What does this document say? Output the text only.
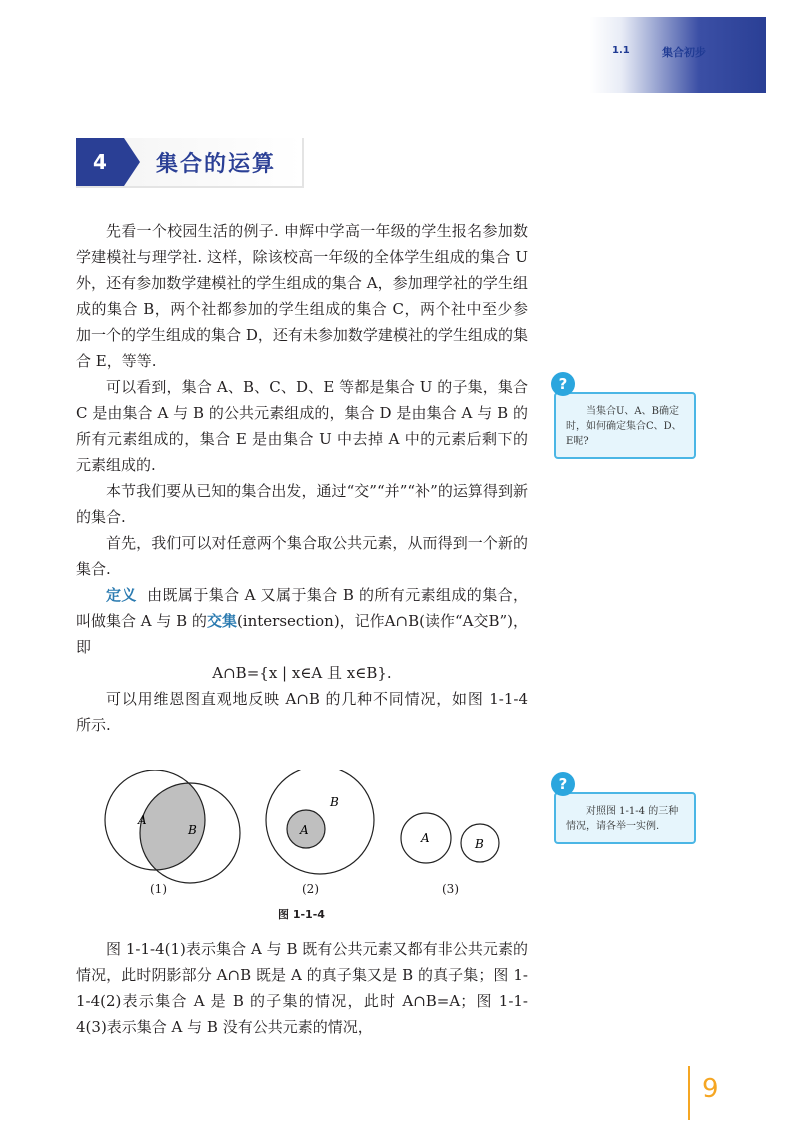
1.1	集合初步
4	集合的运算

先看一个校园生活的例子. 申辉中学高一年级的学生报名参加数学建模社与理学社. 这样，除该校高一年级的全体学生组成的集合 U 外，还有参加数学建模社的学生组成的集合 A，参加理学社的学生组成的集合 B，两个社都参加的学生组成的集合 C，两个社中至少参加一个的学生组成的集合 D，还有未参加数学建模社的学生组成的集合 E，等等.

可以看到，集合 A、B、C、D、E 等都是集合 U 的子集，集合 C 是由集合 A 与 B 的公共元素组成的，集合 D 是由集合 A 与 B 的所有元素组成的，集合 E 是由集合 U 中去掉 A 中的元素后剩下的元素组成的.

本节我们要从已知的集合出发，通过“交”“并”“补”的运算得到新的集合.

首先，我们可以对任意两个集合取公共元素，从而得到一个新的集合.

定义 由既属于集合 A 又属于集合 B 的所有元素组成的集合，叫做集合 A 与 B 的交集(intersection)，记作A∩B(读作“A交B”)，即

A∩B={x | x∈A 且 x∈B}.

可以用维恩图直观地反映 A∩B 的几种不同情况，如图 1-1-4 所示.

?

当集合U、A、B确定时，如何确定集合C、D、E呢?

?

对照图 1-1-4 的三种情况，请各举一实例.

A
B	A
B
A	B
(1)	(2)	(3)
图 1-1-4

图 1-1-4(1)表示集合 A 与 B 既有公共元素又都有非公共元素的情况，此时阴影部分 A∩B 既是 A 的真子集又是 B 的真子集；图 1-1-4(2)表示集合 A 是 B 的子集的情况，此时 A∩B=A；图 1-1-4(3)表示集合 A 与 B 没有公共元素的情况，

9
